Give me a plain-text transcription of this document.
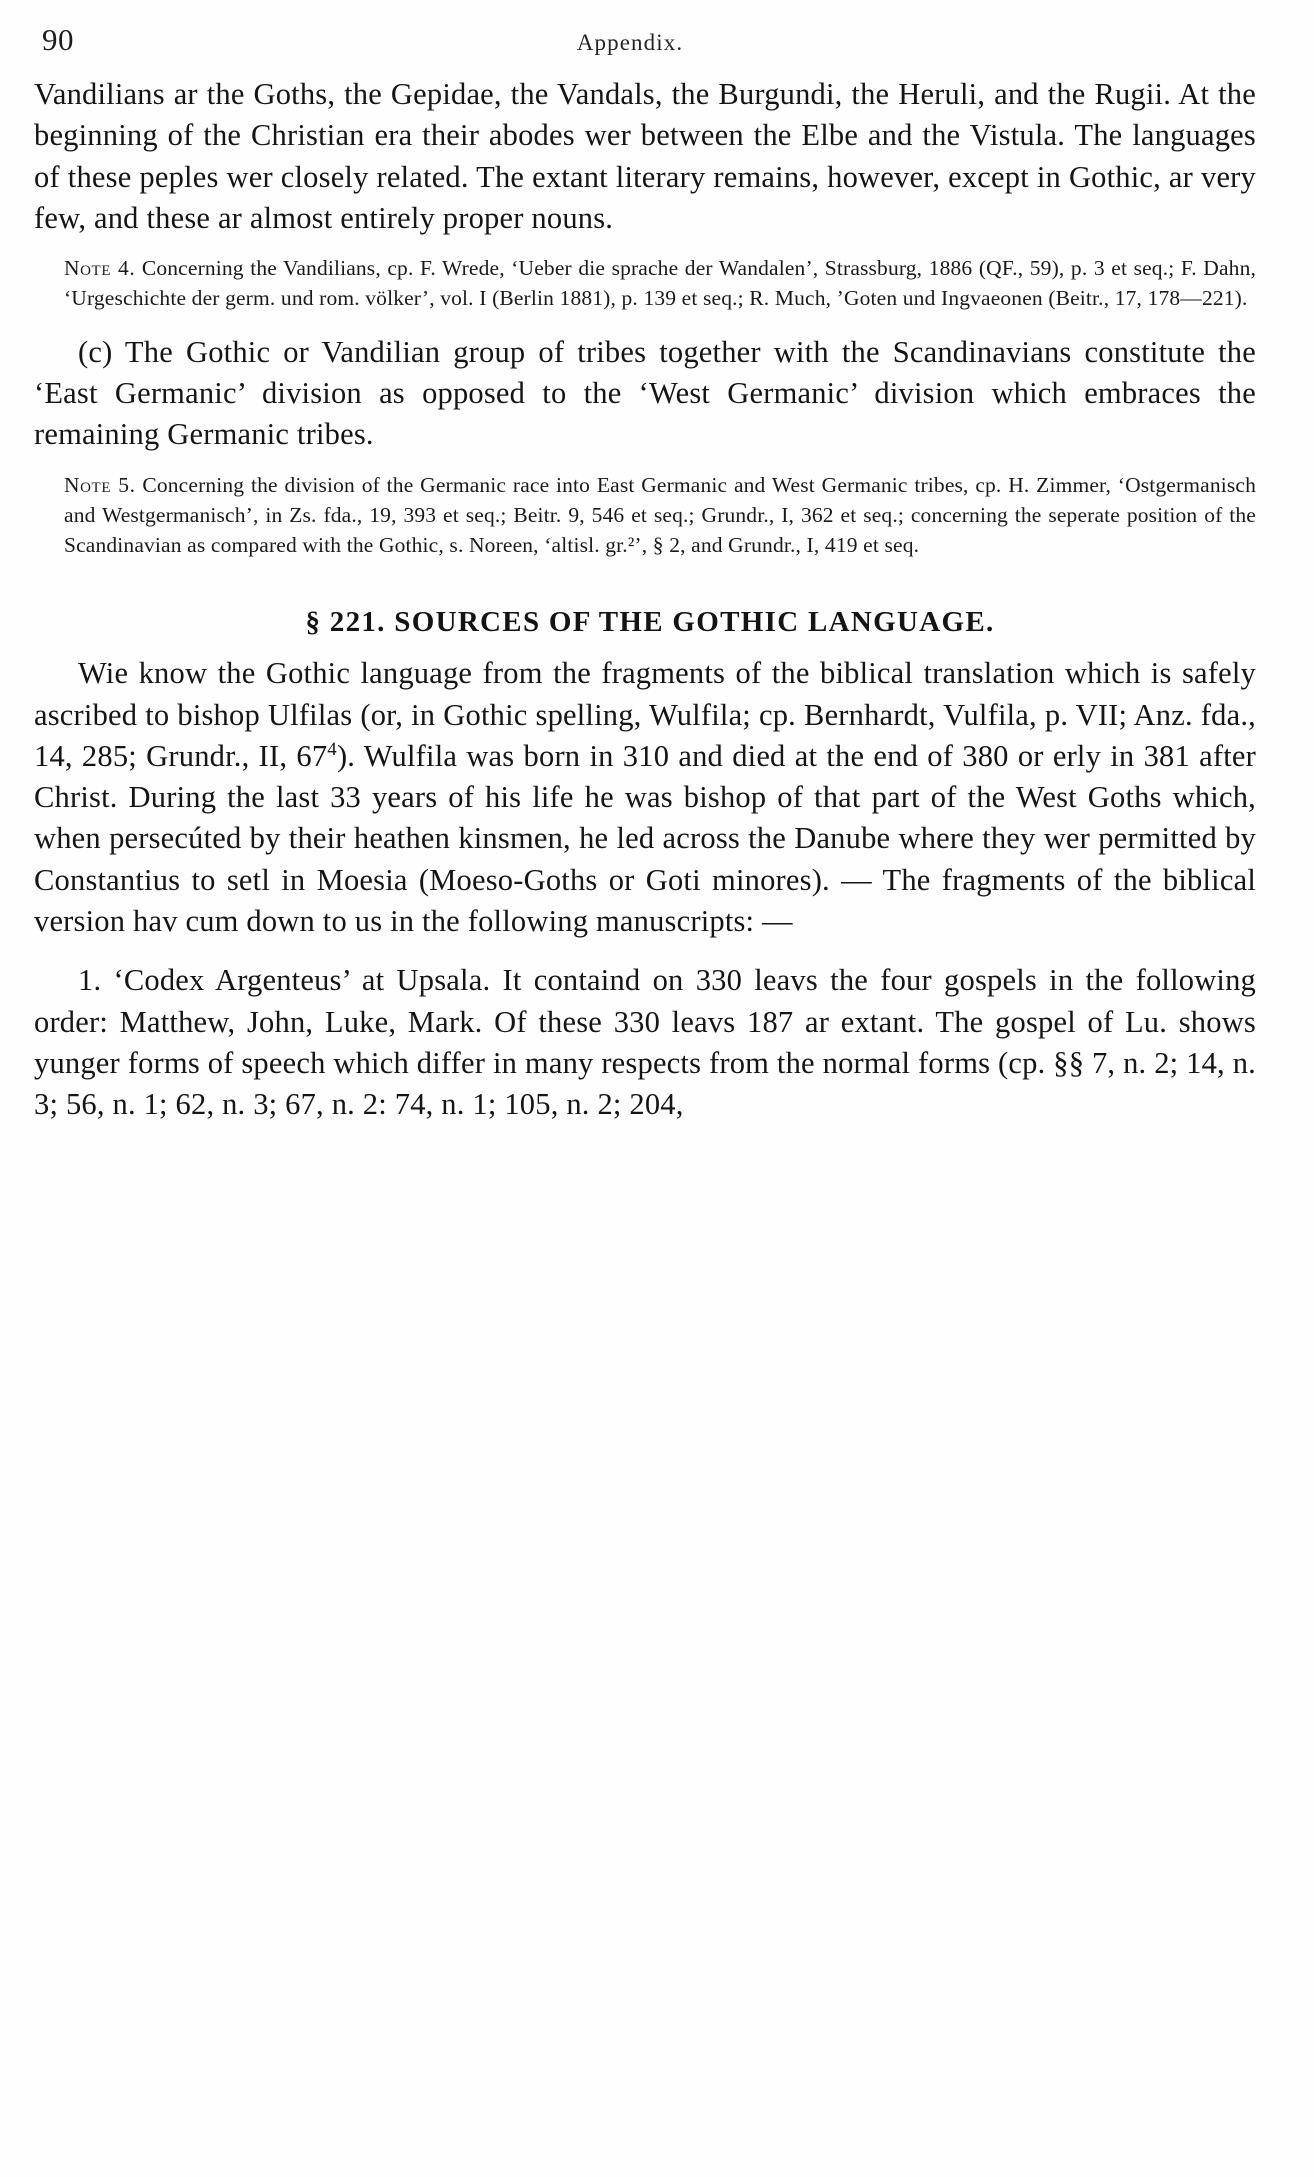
90	Appendix.

Vandilians ar the Goths, the Gepidae, the Vandals, the Burgundi, the Heruli, and the Rugii. At the beginning of the Christian era their abodes wer between the Elbe and the Vistula. The languages of these peples wer closely related. The extant literary remains, however, except in Gothic, ar very few, and these ar almost entirely proper nouns.

Note 4. Concerning the Vandilians, cp. F. Wrede, ‘Ueber die sprache der Wandalen’, Strassburg, 1886 (QF., 59), p. 3 et seq.; F. Dahn, ‘Urgeschichte der germ. und rom. völker’, vol. I (Berlin 1881), p. 139 et seq.; R. Much, ’Goten und Ingvaeonen (Beitr., 17, 178—221).

(c) The Gothic or Vandilian group of tribes together with the Scandinavians constitute the ‘East Germanic’ division as opposed to the ‘West Germanic’ division which embraces the remaining Germanic tribes.

Note 5. Concerning the division of the Germanic race into East Germanic and West Germanic tribes, cp. H. Zimmer, ‘Ostgermanisch and Westgermanisch’, in Zs. fda., 19, 393 et seq.; Beitr. 9, 546 et seq.; Grundr., I, 362 et seq.; concerning the seperate position of the Scandinavian as compared with the Gothic, s. Noreen, ‘altisl. gr.²’, § 2, and Grundr., I, 419 et seq.

§ 221. SOURCES OF THE GOTHIC LANGUAGE.

Wie know the Gothic language from the fragments of the biblical translation which is safely ascribed to bishop Ulfilas (or, in Gothic spelling, Wulfila; cp. Bernhardt, Vulfila, p. VII; Anz. fda., 14, 285; Grundr., II, $67^4$). Wulfila was born in 310 and died at the end of 380 or erly in 381 after Christ. During the last 33 years of his life he was bishop of that part of the West Goths which, when persecúted by their heathen kinsmen, he led across the Danube where they wer permitted by Constantius to setl in Moesia (Moeso-Goths or Goti minores). — The fragments of the biblical version hav cum down to us in the following manuscripts: —

1. ‘Codex Argenteus’ at Upsala. It containd on 330 leavs the four gospels in the following order: Matthew, John, Luke, Mark. Of these 330 leavs 187 ar extant. The gospel of Lu. shows yunger forms of speech which differ in many respects from the normal forms (cp. §§ 7, n. 2; 14, n. 3; 56, n. 1; 62, n. 3; 67, n. 2: 74, n. 1; 105, n. 2; 204,
